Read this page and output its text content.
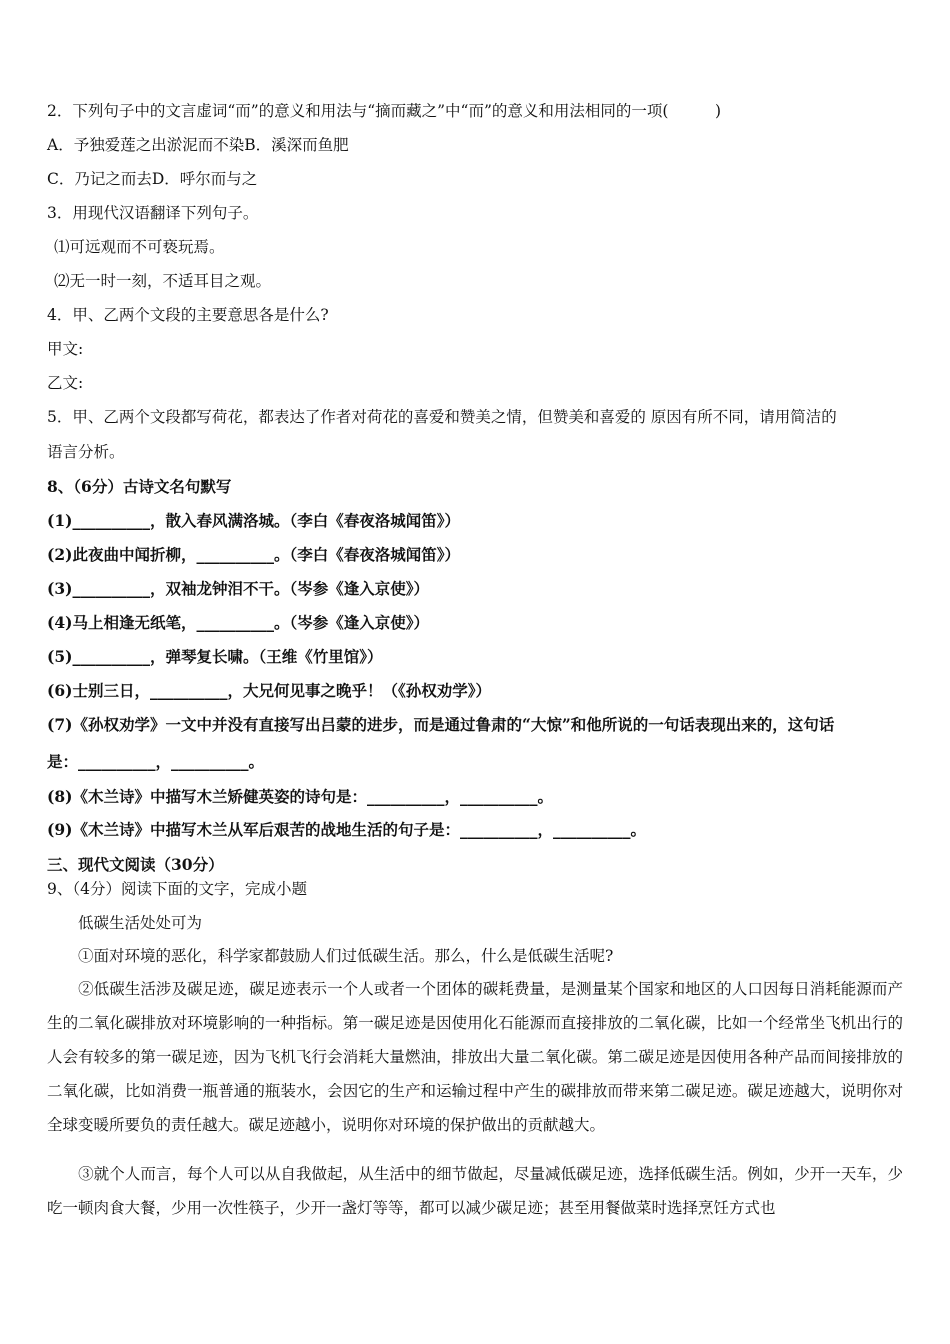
2．下列句子中的文言虚词“而”的意义和用法与“摘而藏之”中“而”的意义和用法相同的一项(　　　)
A．予独爱莲之出淤泥而不染B．溪深而鱼肥
C．乃记之而去D．呼尔而与之
3．用现代汉语翻译下列句子。
⑴可远观而不可亵玩焉。
⑵无一时一刻，不适耳目之观。
4．甲、乙两个文段的主要意思各是什么?
甲文:
乙文:
5．甲、乙两个文段都写荷花，都表达了作者对荷花的喜爱和赞美之情，但赞美和喜爱的 原因有所不同，请用简洁的
语言分析。
8、（6分）古诗文名句默写
(1)__________，散入春风满洛城。（李白《春夜洛城闻笛》）
(2)此夜曲中闻折柳，__________。（李白《春夜洛城闻笛》）
(3)__________，双袖龙钟泪不干。（岑参《逢入京使》）
(4)马上相逢无纸笔，__________。（岑参《逢入京使》）
(5)__________，弹琴复长啸。（王维《竹里馆》）
(6)士别三日，__________，大兄何见事之晚乎！（《孙权劝学》）
(7)《孙权劝学》一文中并没有直接写出吕蒙的进步，而是通过鲁肃的“大惊”和他所说的一句话表现出来的，这句话
是：__________，__________。
(8)《木兰诗》中描写木兰矫健英姿的诗句是：__________，__________。
(9)《木兰诗》中描写木兰从军后艰苦的战地生活的句子是：__________，__________。
三、现代文阅读（30分）
9、（4分）阅读下面的文字，完成小题
低碳生活处处可为
①面对环境的恶化，科学家都鼓励人们过低碳生活。那么，什么是低碳生活呢?
②低碳生活涉及碳足迹，碳足迹表示一个人或者一个团体的碳耗费量，是测量某个国家和地区的人口因每日消耗能源而产生的二氧化碳排放对环境影响的一种指标。第一碳足迹是因使用化石能源而直接排放的二氧化碳，比如一个经常坐飞机出行的人会有较多的第一碳足迹，因为飞机飞行会消耗大量燃油，排放出大量二氧化碳。第二碳足迹是因使用各种产品而间接排放的二氧化碳，比如消费一瓶普通的瓶装水，会因它的生产和运输过程中产生的碳排放而带来第二碳足迹。碳足迹越大，说明你对全球变暖所要负的责任越大。碳足迹越小，说明你对环境的保护做出的贡献越大。
③就个人而言，每个人可以从自我做起，从生活中的细节做起，尽量减低碳足迹，选择低碳生活。例如，少开一天车，少吃一顿肉食大餐，少用一次性筷子，少开一盏灯等等，都可以减少碳足迹；甚至用餐做菜时选择烹饪方式也
